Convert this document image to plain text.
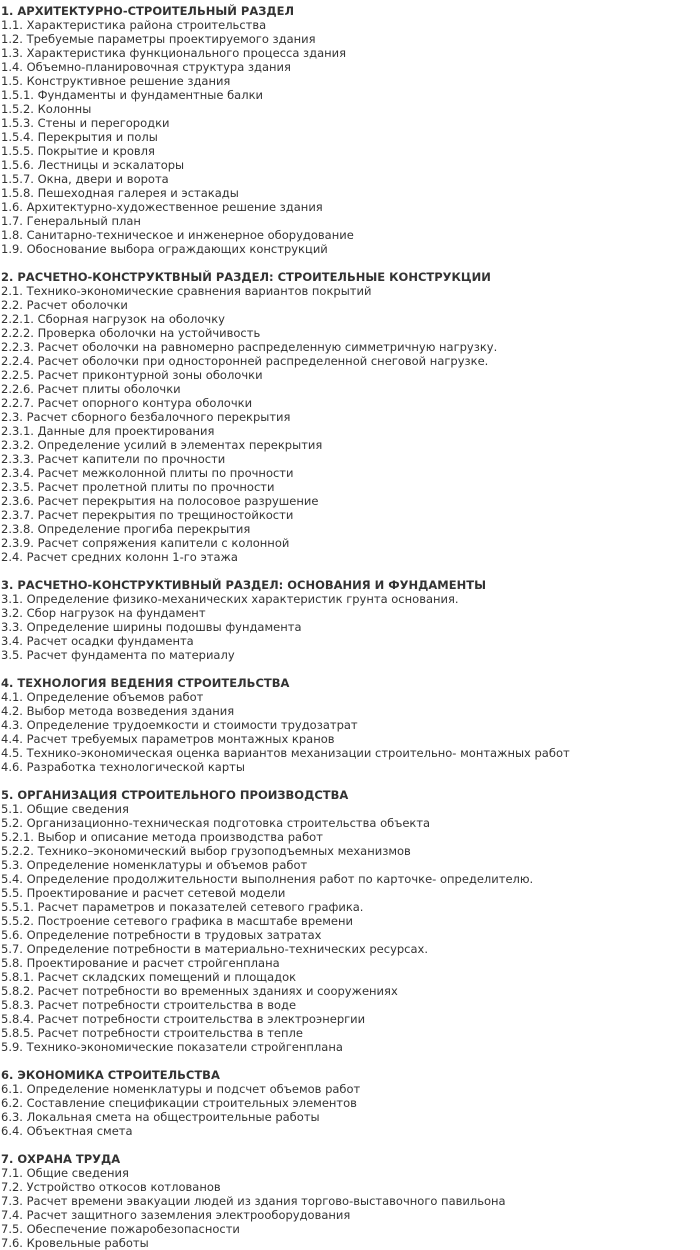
1. АРХИТЕКТУРНО-СТРОИТЕЛЬНЫЙ РАЗДЕЛ
1.1. Характеристика района строительства
1.2. Требуемые параметры проектируемого здания
1.3. Характеристика функционального процесса здания
1.4. Объемно-планировочная структура здания
1.5. Конструктивное решение здания
1.5.1. Фундаменты и фундаментные балки
1.5.2. Колонны
1.5.3. Стены и перегородки
1.5.4. Перекрытия и полы
1.5.5. Покрытие и кровля
1.5.6. Лестницы и эскалаторы
1.5.7. Окна, двери и ворота
1.5.8. Пешеходная галерея и эстакады
1.6. Архитектурно-художественное решение здания
1.7. Генеральный план
1.8. Санитарно-техническое и инженерное оборудование
1.9. Обоснование выбора ограждающих конструкций
2. РАСЧЕТНО-КОНСТРУКТВНЫЙ РАЗДЕЛ: СТРОИТЕЛЬНЫЕ КОНСТРУКЦИИ
2.1. Технико-экономические сравнения вариантов покрытий
2.2. Расчет оболочки
2.2.1. Сборная нагрузок на оболочку
2.2.2. Проверка оболочки на устойчивость
2.2.3. Расчет оболочки на равномерно распределенную симметричную нагрузку.
2.2.4. Расчет оболочки при односторонней распределенной снеговой нагрузке.
2.2.5. Расчет приконтурной зоны оболочки
2.2.6. Расчет плиты оболочки
2.2.7. Расчет опорного контура оболочки
2.3. Расчет сборного безбалочного перекрытия
2.3.1. Данные для проектирования
2.3.2. Определение усилий в элементах перекрытия
2.3.3. Расчет капители по прочности
2.3.4. Расчет межколонной плиты по прочности
2.3.5. Расчет пролетной плиты по прочности
2.3.6. Расчет перекрытия на полосовое разрушение
2.3.7. Расчет перекрытия по трещиностойкости
2.3.8. Определение прогиба перекрытия
2.3.9. Расчет сопряжения капители с колонной
2.4. Расчет средних колонн 1-го этажа
3. РАСЧЕТНО-КОНСТРУКТИВНЫЙ РАЗДЕЛ: ОСНОВАНИЯ И ФУНДАМЕНТЫ
3.1. Определение физико-механических характеристик грунта основания.
3.2. Сбор нагрузок на фундамент
3.3. Определение ширины подошвы фундамента
3.4. Расчет осадки фундамента
3.5. Расчет фундамента по материалу
4. ТЕХНОЛОГИЯ ВЕДЕНИЯ СТРОИТЕЛЬСТВА
4.1. Определение объемов работ
4.2. Выбор метода возведения здания
4.3. Определение трудоемкости и стоимости трудозатрат
4.4. Расчет требуемых параметров монтажных кранов
4.5. Технико-экономическая оценка вариантов механизации строительно- монтажных работ
4.6. Разработка технологической карты
5. ОРГАНИЗАЦИЯ СТРОИТЕЛЬНОГО ПРОИЗВОДСТВА
5.1. Общие сведения
5.2. Организационно-техническая подготовка строительства объекта
5.2.1. Выбор и описание метода производства работ
5.2.2. Технико–экономический выбор грузоподъемных механизмов
5.3. Определение номенклатуры и объемов работ
5.4. Определение продолжительности выполнения работ по карточке- определителю.
5.5. Проектирование и расчет сетевой модели
5.5.1. Расчет параметров и показателей сетевого графика.
5.5.2. Построение сетевого графика в масштабе времени
5.6. Определение потребности в трудовых затратах
5.7. Определение потребности в материально-технических ресурсах.
5.8. Проектирование и расчет стройгенплана
5.8.1. Расчет складских помещений и площадок
5.8.2. Расчет потребности во временных зданиях и сооружениях
5.8.3. Расчет потребности строительства в воде
5.8.4. Расчет потребности строительства в электроэнергии
5.8.5. Расчет потребности строительства в тепле
5.9. Технико-экономические показатели стройгенплана
6. ЭКОНОМИКА СТРОИТЕЛЬСТВА
6.1. Определение номенклатуры и подсчет объемов работ
6.2. Составление спецификации строительных элементов
6.3. Локальная смета на общестроительные работы
6.4. Объектная смета
7. ОХРАНА ТРУДА
7.1. Общие сведения
7.2. Устройство откосов котлованов
7.3. Расчет времени эвакуации людей из здания торгово-выставочного павильона
7.4. Расчет защитного заземления электрооборудования
7.5. Обеспечение пожаробезопасности
7.6. Кровельные работы
